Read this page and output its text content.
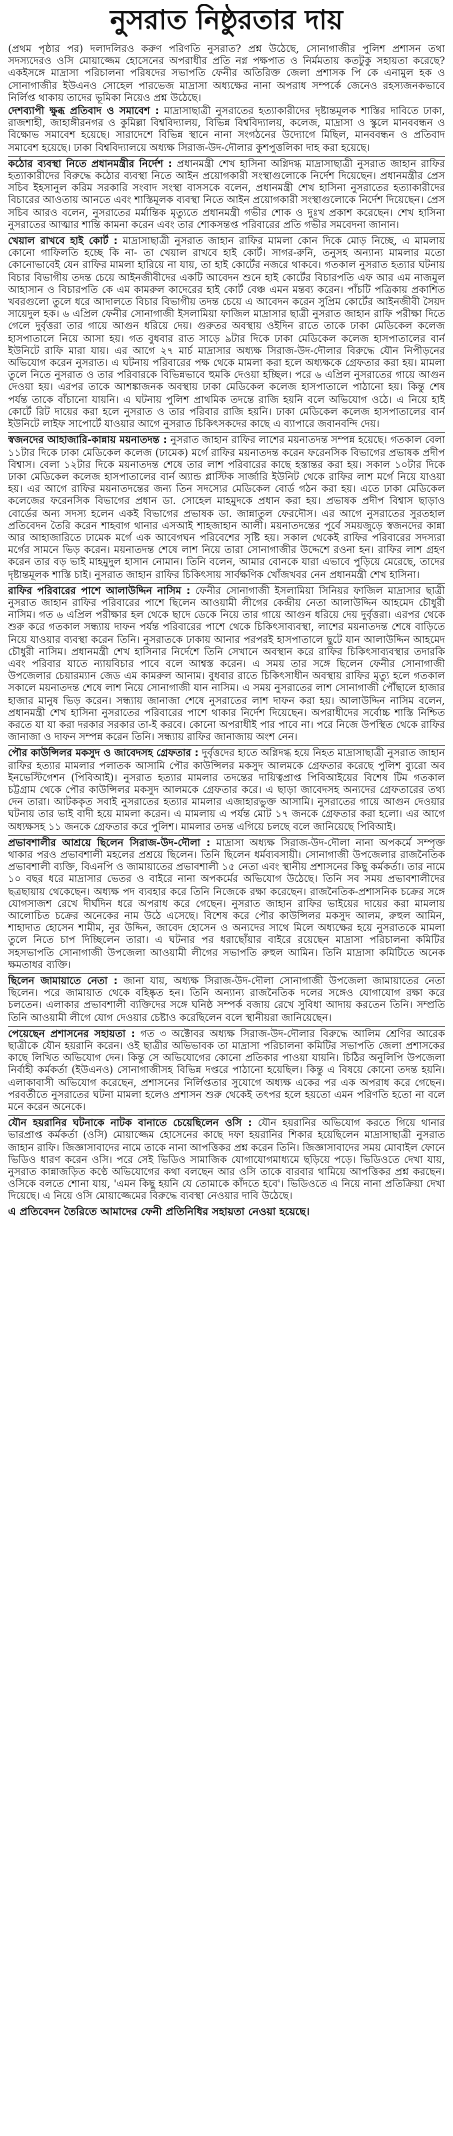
নুসরাত নিষ্ঠুরতার দায়

(প্রথম পৃষ্ঠার পর) দলাদলিরও করুণ পরিণতি নুসরাত? প্রশ্ন উঠেছে, সোনাগাজীর পুলিশ প্রশাসন তথা সদস্যদেরও ওসি মোয়াজ্জেম হোসেনের অপরাধীর প্রতি নগ্ন পক্ষপাত ও নির্মমতায় কতটুকু সহায়তা করেছে? একইসঙ্গে মাদ্রাসা পরিচালনা পরিষদের সভাপতি ফেনীর অতিরিক্ত জেলা প্রশাসক পি কে এনামুল হক ও সোনাগাজীর ইউএনও সোহেল পারভেজ মাদ্রাসা অধ্যক্ষের নানা অপরাধ সম্পর্কে জেনেও রহস্যজনকভাবে নির্লিপ্ত থাকায় তাদের ভূমিকা নিয়েও প্রশ্ন উঠেছে।

দেশব্যাপী ক্ষুব্ধ প্রতিবাদ ও সমাবেশ : মাদ্রাসাছাত্রী নুসরাতের হত্যাকারীদের দৃষ্টান্তমূলক শাস্তির দাবিতে ঢাকা, রাজশাহী, জাহাঙ্গীরনগর ও কুমিল্লা বিশ্ববিদ্যালয়, বিভিন্ন বিশ্ববিদ্যালয়, কলেজ, মাদ্রাসা ও স্কুলে মানববন্ধন ও বিক্ষোভ সমাবেশ হয়েছে। সারাদেশে বিভিন্ন স্থানে নানা সংগঠনের উদ্যোগে মিছিল, মানববন্ধন ও প্রতিবাদ সমাবেশ হয়েছে। ঢাকা বিশ্ববিদ্যালয়ে অধ্যক্ষ সিরাজ-উদ-দৌলার কুশপুত্তলিকা দাহ করা হয়েছে।

কঠোর ব্যবস্থা নিতে প্রধানমন্ত্রীর নির্দেশ : প্রধানমন্ত্রী শেখ হাসিনা অগ্নিদগ্ধ মাদ্রাসাছাত্রী নুসরাত জাহান রাফির হত্যাকারীদের বিরুদ্ধে কঠোর ব্যবস্থা নিতে আইন প্রয়োগকারী সংস্থাগুলোকে নির্দেশ দিয়েছেন। প্রধানমন্ত্রীর প্রেস সচিব ইহসানুল করিম সরকারি সংবাদ সংস্থা বাসসকে বলেন, প্রধানমন্ত্রী শেখ হাসিনা নুসরাতের হত্যাকারীদের বিচারের আওতায় আনতে এবং শাস্তিমূলক ব্যবস্থা নিতে আইন প্রয়োগকারী সংস্থাগুলোকে নির্দেশ দিয়েছেন। প্রেস সচিব আরও বলেন, নুসরাতের মর্মান্তিক মৃত্যুতে প্রধানমন্ত্রী গভীর শোক ও দুঃখ প্রকাশ করেছেন। শেখ হাসিনা নুসরাতের আত্মার শান্তি কামনা করেন এবং তার শোকসন্তপ্ত পরিবারের প্রতি গভীর সমবেদনা জানান।

খেয়াল রাখবে হাই কোর্ট : মাদ্রাসাছাত্রী নুসরাত জাহান রাফির মামলা কোন দিকে মোড় নিচ্ছে, এ মামলায় কোনো গাফিলতি হচ্ছে কি না- তা খেয়াল রাখবে হাই কোর্ট। সাগর-রুনি, তনুসহ অন্যান্য মামলার মতো কোনোভাবেই যেন রাফির মামলা হারিয়ে না যায়, তা হাই কোর্টের নজরে থাকবে। গতকাল নুসরাত হত্যার ঘটনায় বিচার বিভাগীয় তদন্ত চেয়ে আইনজীবীদের একটি আবেদন শুনে হাই কোর্টের বিচারপতি এফ আর এম নাজমুল আহাসান ও বিচারপতি কে এম কামরুল কাদেরের হাই কোর্ট বেঞ্চ এমন মন্তব্য করেন। পাঁচটি পত্রিকায় প্রকাশিত খবরগুলো তুলে ধরে আদালতে বিচার বিভাগীয় তদন্ত চেয়ে এ আবেদন করেন সুপ্রিম কোর্টের আইনজীবী সৈয়দ সায়েদুল হক। ৬ এপ্রিল ফেনীর সোনাগাজী ইসলামিয়া ফাজিল মাদ্রাসার ছাত্রী নুসরাত জাহান রাফি পরীক্ষা দিতে গেলে দুর্বৃত্তরা তার গায়ে আগুন ধরিয়ে দেয়। গুরুতর অবস্থায় ওইদিন রাতে তাকে ঢাকা মেডিকেল কলেজ হাসপাতালে নিয়ে আসা হয়। গত বুধবার রাত সাড়ে ৯টার দিকে ঢাকা মেডিকেল কলেজ হাসপাতালের বার্ন ইউনিটে রাফি মারা যায়। এর আগে ২৭ মার্চ মাদ্রাসার অধ্যক্ষ সিরাজ-উদ-দৌলার বিরুদ্ধে যৌন নিপীড়নের অভিযোগ করেন নুসরাত। এ ঘটনায় পরিবারের পক্ষ থেকে মামলা করা হলে অধ্যক্ষকে গ্রেফতার করা হয়। মামলা তুলে নিতে নুসরাত ও তার পরিবারকে বিভিন্নভাবে হুমকি দেওয়া হচ্ছিল। পরে ৬ এপ্রিল নুসরাতের গায়ে আগুন দেওয়া হয়। এরপর তাকে আশঙ্কাজনক অবস্থায় ঢাকা মেডিকেল কলেজ হাসপাতালে পাঠানো হয়। কিন্তু শেষ পর্যন্ত তাকে বাঁচানো যায়নি। এ ঘটনায় পুলিশ প্রাথমিক তদন্তে রাজি হয়নি বলে অভিযোগ ওঠে। এ নিয়ে হাই কোর্টে রিট দায়ের করা হলে নুসরাত ও তার পরিবার রাজি হয়নি। ঢাকা মেডিকেল কলেজ হাসপাতালের বার্ন ইউনিটে লাইফ সাপোর্টে যাওয়ার আগে নুসরাত চিকিৎসকদের কাছে এ ব্যাপারে জবানবন্দি দেয়।

স্বজনদের আহাজারি-কান্নায় ময়নাতদন্ত : নুসরাত জাহান রাফির লাশের ময়নাতদন্ত সম্পন্ন হয়েছে। গতকাল বেলা ১১টার দিকে ঢাকা মেডিকেল কলেজ (ঢামেক) মর্গে রাফির ময়নাতদন্ত করেন ফরেনসিক বিভাগের প্রভাষক প্রদীপ বিশ্বাস। বেলা ১২টার দিকে ময়নাতদন্ত শেষে তার লাশ পরিবারের কাছে হস্তান্তর করা হয়। সকাল ১০টার দিকে ঢাকা মেডিকেল কলেজ হাসপাতালের বার্ন অ্যান্ড প্লাস্টিক সার্জারি ইউনিট থেকে রাফির লাশ মর্গে নিয়ে যাওয়া হয়। এর আগে রাফির ময়নাতদন্তের জন্য তিন সদস্যের মেডিকেল বোর্ড গঠন করা হয়। এতে ঢাকা মেডিকেল কলেজের ফরেনসিক বিভাগের প্রধান ডা. সোহেল মাহমুদকে প্রধান করা হয়। প্রভাষক প্রদীপ বিশ্বাস ছাড়াও বোর্ডের অন্য সদস্য হলেন একই বিভাগের প্রভাষক ডা. জান্নাতুল ফেরদৌস। এর আগে নুসরাতের সুরতহাল প্রতিবেদন তৈরি করেন শাহবাগ থানার এসআই শাহজাহান আলী। ময়নাতদন্তের পূর্বে সময়জুড়ে স্বজনদের কান্না আর আহাজারিতে ঢামেক মর্গে এক আবেগঘন পরিবেশের সৃষ্টি হয়। সকাল থেকেই রাফির পরিবারের সদস্যরা মর্গের সামনে ভিড় করেন। ময়নাতদন্ত শেষে লাশ নিয়ে তারা সোনাগাজীর উদ্দেশে রওনা হন। রাফির লাশ গ্রহণ করেন তার বড় ভাই মাহমুদুল হাসান নোমান। তিনি বলেন, আমার বোনকে যারা এভাবে পুড়িয়ে মেরেছে, তাদের দৃষ্টান্তমূলক শাস্তি চাই। নুসরাত জাহান রাফির চিকিৎসায় সার্বক্ষণিক খোঁজখবর নেন প্রধানমন্ত্রী শেখ হাসিনা।

রাফির পরিবারের পাশে আলাউদ্দিন নাসিম : ফেনীর সোনাগাজী ইসলামিয়া সিনিয়র ফাজিল মাদ্রাসার ছাত্রী নুসরাত জাহান রাফির পরিবারের পাশে ছিলেন আওয়ামী লীগের কেন্দ্রীয় নেতা আলাউদ্দিন আহমেদ চৌধুরী নাসিম। গত ৬ এপ্রিল পরীক্ষার হল থেকে ছাদে ডেকে নিয়ে তার গায়ে আগুন ধরিয়ে দেয় দুর্বৃত্তরা। এরপর থেকে শুরু করে গতকাল সন্ধ্যায় দাফন পর্যন্ত পরিবারের পাশে থেকে চিকিৎসাব্যবস্থা, লাশের ময়নাতদন্ত শেষে বাড়িতে নিয়ে যাওয়ার ব্যবস্থা করেন তিনি। নুসরাতকে ঢাকায় আনার পরপরই হাসপাতালে ছুটে যান আলাউদ্দিন আহমেদ চৌধুরী নাসিম। প্রধানমন্ত্রী শেখ হাসিনার নির্দেশে তিনি সেখানে অবস্থান করে রাফির চিকিৎসাব্যবস্থার তদারকি এবং পরিবার যাতে ন্যায়বিচার পাবে বলে আশ্বস্ত করেন। এ সময় তার সঙ্গে ছিলেন ফেনীর সোনাগাজী উপজেলার চেয়ারম্যান জেড এম কামরুল আনাম। বুধবার রাতে চিকিৎসাধীন অবস্থায় রাফির মৃত্যু হলে গতকাল সকালে ময়নাতদন্ত শেষে লাশ নিয়ে সোনাগাজী যান নাসিম। এ সময় নুসরাতের লাশ সোনাগাজী পৌঁছালে হাজার হাজার মানুষ ভিড় করেন। সন্ধ্যায় জানাজা শেষে নুসরাতের লাশ দাফন করা হয়। আলাউদ্দিন নাসিম বলেন, প্রধানমন্ত্রী শেখ হাসিনা নুসরাতের পরিবারের পাশে থাকার নির্দেশ দিয়েছেন। অপরাধীদের সর্বোচ্চ শাস্তি নিশ্চিত করতে যা যা করা দরকার সরকার তা-ই করবে। কোনো অপরাধীই পার পাবে না। পরে নিজে উপস্থিত থেকে রাফির জানাজা ও দাফন সম্পন্ন করেন তিনি। সন্ধ্যায় রাফির জানাজায় অংশ নেন।

পৌর কাউন্সিলর মকসুদ ও জাবেদসহ গ্রেফতার : দুর্বৃত্তদের হাতে অগ্নিদগ্ধ হয়ে নিহত মাদ্রাসাছাত্রী নুসরাত জাহান রাফির হত্যার মামলার পলাতক আসামি পৌর কাউন্সিলর মকসুদ আলমকে গ্রেফতার করেছে পুলিশ ব্যুরো অব ইনভেস্টিগেশন (পিবিআই)। নুসরাত হত্যার মামলার তদন্তের দায়িত্বপ্রাপ্ত পিবিআইয়ের বিশেষ টিম গতকাল চট্টগ্রাম থেকে পৌর কাউন্সিলর মকসুদ আলমকে গ্রেফতার করে। এ ছাড়া জাবেদসহ অন্যদের গ্রেফতারের তথ্য দেন তারা। আটককৃত সবাই নুসরাতের হত্যার মামলার এজাহারভুক্ত আসামি। নুসরাতের গায়ে আগুন দেওয়ার ঘটনায় তার ভাই বাদী হয়ে মামলা করেন। এ মামলায় এ পর্যন্ত মোট ১৭ জনকে গ্রেফতার করা হলো। এর আগে অধ্যক্ষসহ ১১ জনকে গ্রেফতার করে পুলিশ। মামলার তদন্ত এগিয়ে চলছে বলে জানিয়েছে পিবিআই।

প্রভাবশালীর আশ্রয়ে ছিলেন সিরাজ-উদ-দৌলা : মাদ্রাসা অধ্যক্ষ সিরাজ-উদ-দৌলা নানা অপকর্মে সম্পৃক্ত থাকার পরও প্রভাবশালী মহলের প্রশ্রয়ে ছিলেন। তিনি ছিলেন ধর্মব্যবসায়ী। সোনাগাজী উপজেলার রাজনৈতিক প্রভাবশালী ব্যক্তি, বিএনপি ও জামায়াতের প্রভাবশালী ১৫ নেতা এবং স্থানীয় প্রশাসনের কিছু কর্মকর্তা। তার নামে ১০ বছর ধরে মাদ্রাসার ভেতর ও বাইরে নানা অপকর্মের অভিযোগ উঠেছে। তিনি সব সময় প্রভাবশালীদের ছত্রছায়ায় থেকেছেন। অধ্যক্ষ পদ ব্যবহার করে তিনি নিজেকে রক্ষা করেছেন। রাজনৈতিক-প্রশাসনিক চক্রের সঙ্গে যোগসাজশ রেখে দীর্ঘদিন ধরে অপরাধ করে গেছেন। নুসরাত জাহান রাফির ভাইয়ের দায়ের করা মামলায় আলোচিত চক্রের অনেকের নাম উঠে এসেছে। বিশেষ করে পৌর কাউন্সিলর মকসুদ আলম, রুহুল আমিন, শাহাদাত হোসেন শামীম, নুর উদ্দিন, জাবেদ হোসেন ও অন্যদের সাথে মিলে অধ্যক্ষের হয়ে নুসরাতকে মামলা তুলে নিতে চাপ দিচ্ছিলেন তারা। এ ঘটনার পর ধরাছোঁয়ার বাইরে রয়েছেন মাদ্রাসা পরিচালনা কমিটির সহসভাপতি সোনাগাজী উপজেলা আওয়ামী লীগের সভাপতি রুহুল আমিন। তিনি মাদ্রাসা কমিটিতে অনেক ক্ষমতাধর ব্যক্তি।

ছিলেন জামায়াতে নেতা : জানা যায়, অধ্যক্ষ সিরাজ-উদ-দৌলা সোনাগাজী উপজেলা জামায়াতের নেতা ছিলেন। পরে জামায়াত থেকে বহিষ্কৃত হন। তিনি অন্যান্য রাজনৈতিক দলের সঙ্গেও যোগাযোগ রক্ষা করে চলতেন। এলাকার প্রভাবশালী ব্যক্তিদের সঙ্গে ঘনিষ্ঠ সম্পর্ক বজায় রেখে সুবিধা আদায় করতেন তিনি। সম্প্রতি তিনি আওয়ামী লীগে যোগ দেওয়ার চেষ্টাও করেছিলেন বলে স্থানীয়রা জানিয়েছেন।

পেয়েছেন প্রশাসনের সহায়তা : গত ৩ অক্টোবর অধ্যক্ষ সিরাজ-উদ-দৌলার বিরুদ্ধে আলিম শ্রেণির আরেক ছাত্রীকে যৌন হয়রানি করেন। ওই ছাত্রীর অভিভাবক তা মাদ্রাসা পরিচালনা কমিটির সভাপতি জেলা প্রশাসকের কাছে লিখিত অভিযোগ দেন। কিন্তু সে অভিযোগের কোনো প্রতিকার পাওয়া যায়নি। চিঠির অনুলিপি উপজেলা নির্বাহী কর্মকর্তা (ইউএনও) সোনাগাজীসহ বিভিন্ন দপ্তরে পাঠানো হয়েছিল। কিন্তু এ বিষয়ে কোনো তদন্ত হয়নি। এলাকাবাসী অভিযোগ করেছেন, প্রশাসনের নির্লিপ্ততার সুযোগে অধ্যক্ষ একের পর এক অপরাধ করে গেছেন। পরবর্তীতে নুসরাতের ঘটনা মামলা হলেও প্রশাসন শুরু থেকেই তৎপর হলে হয়তো এমন পরিণতি হতো না বলে মনে করেন অনেকে।

যৌন হয়রানির ঘটনাকে নাটক বানাতে চেয়েছিলেন ওসি : যৌন হয়রানির অভিযোগ করতে গিয়ে থানার ভারপ্রাপ্ত কর্মকর্তা (ওসি) মোয়াজ্জেম হোসেনের কাছে দফা হয়রানির শিকার হয়েছিলেন মাদ্রাসাছাত্রী নুসরাত জাহান রাফি। জিজ্ঞাসাবাদের নামে তাকে নানা আপত্তিকর প্রশ্ন করেন তিনি। জিজ্ঞাসাবাদের সময় মোবাইল ফোনে ভিডিও ধারণ করেন ওসি। পরে সেই ভিডিও সামাজিক যোগাযোগমাধ্যমে ছড়িয়ে পড়ে। ভিডিওতে দেখা যায়, নুসরাত কান্নাজড়িত কণ্ঠে অভিযোগের কথা বলছেন আর ওসি তাকে বারবার থামিয়ে আপত্তিকর প্রশ্ন করছেন। ওসিকে বলতে শোনা যায়, 'এমন কিছু হয়নি যে তোমাকে কাঁদতে হবে'। ভিডিওতে এ নিয়ে নানা প্রতিক্রিয়া দেখা দিয়েছে। এ নিয়ে ওসি মোয়াজ্জেমের বিরুদ্ধে ব্যবস্থা নেওয়ার দাবি উঠেছে।

এ প্রতিবেদন তৈরিতে আমাদের ফেনী প্রতিনিধির সহায়তা নেওয়া হয়েছে।
